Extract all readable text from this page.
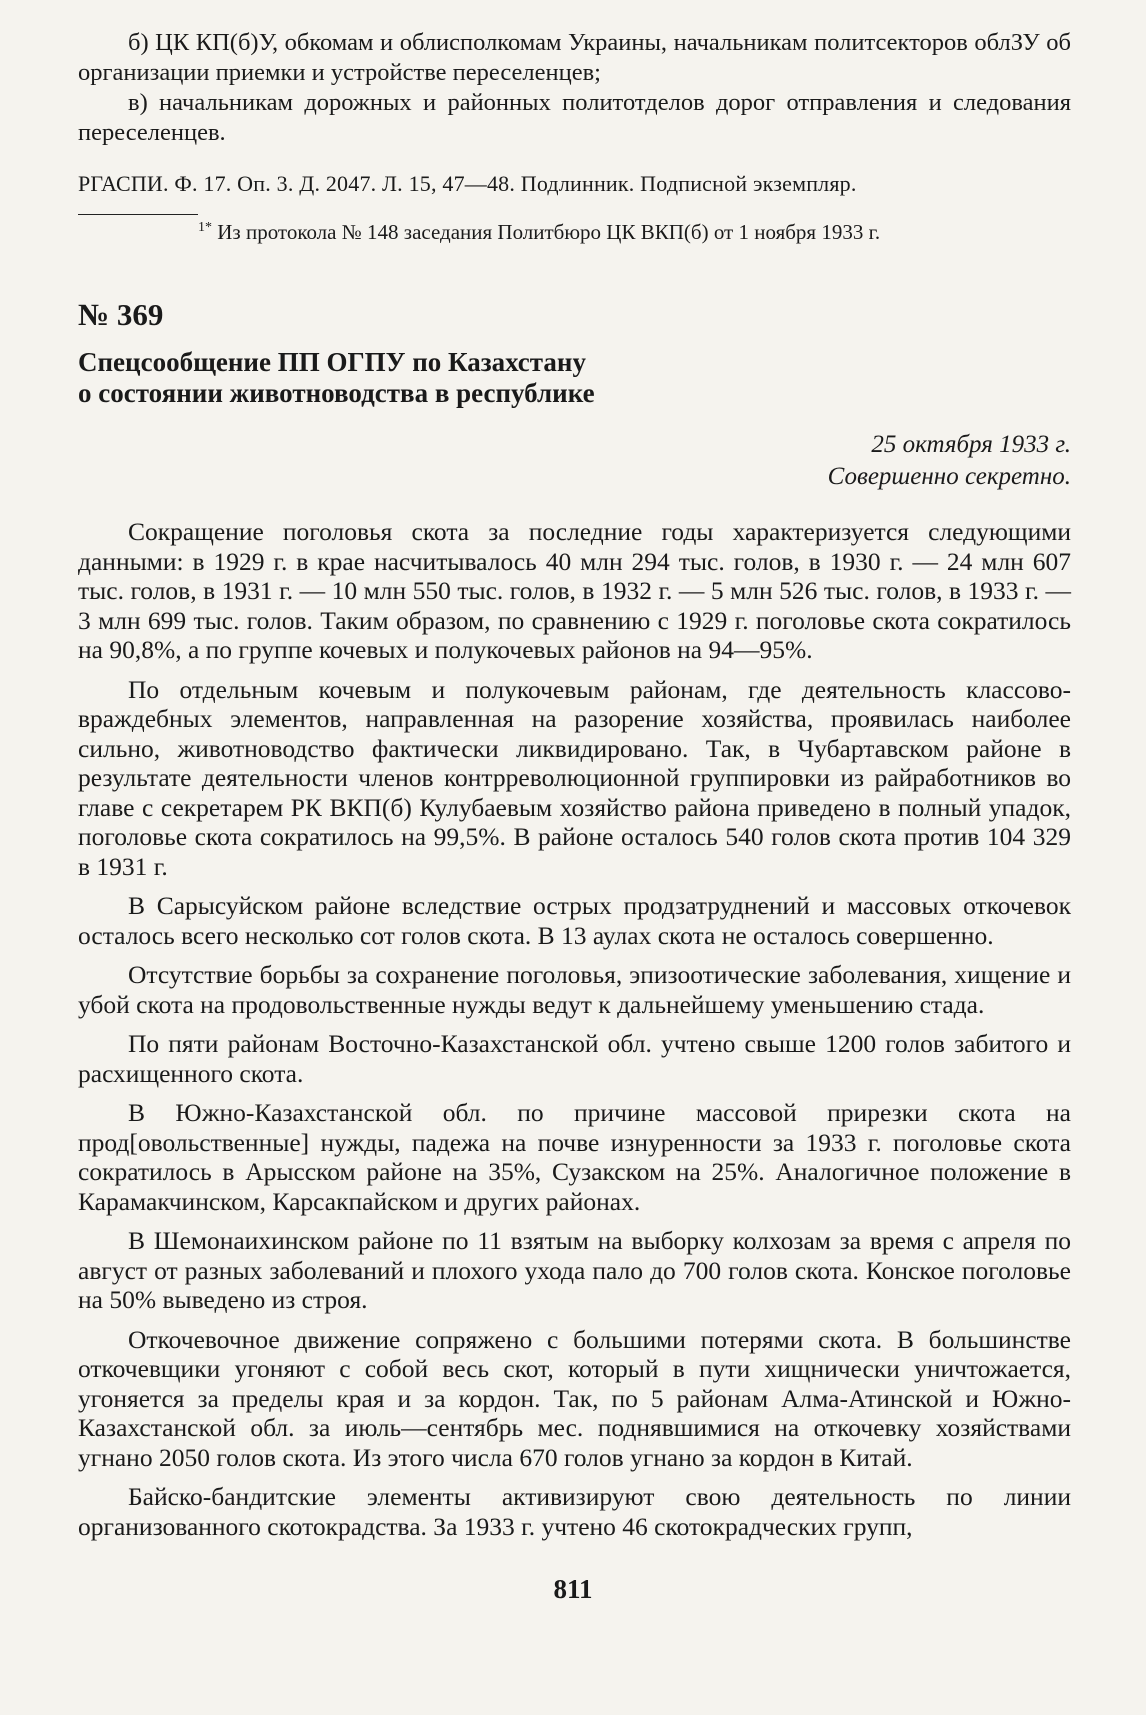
б) ЦК КП(б)У, обкомам и облисполкомам Украины, начальникам политсекторов облЗУ об организации приемки и устройстве переселенцев;

в) начальникам дорожных и районных политотделов дорог отправления и следования переселенцев.

РГАСПИ. Ф. 17. Оп. 3. Д. 2047. Л. 15, 47—48. Подлинник. Подписной экземпляр.

$^{1*}$ Из протокола № 148 заседания Политбюро ЦК ВКП(б) от 1 ноября 1933 г.

№ 369
Спецсообщение ПП ОГПУ по Казахстану
о состоянии животноводства в республике
25 октября 1933 г.
Совершенно секретно.

Сокращение поголовья скота за последние годы характеризуется следующими данными: в 1929 г. в крае насчитывалось 40 млн 294 тыс. голов, в 1930 г. — 24 млн 607 тыс. голов, в 1931 г. — 10 млн 550 тыс. голов, в 1932 г. — 5 млн 526 тыс. голов, в 1933 г. — 3 млн 699 тыс. голов. Таким образом, по сравнению с 1929 г. поголовье скота сократилось на 90,8%, а по группе кочевых и полукочевых районов на 94—95%.

По отдельным кочевым и полукочевым районам, где деятельность классово-враждебных элементов, направленная на разорение хозяйства, проявилась наиболее сильно, животноводство фактически ликвидировано. Так, в Чубартавском районе в результате деятельности членов контрреволюционной группировки из райработников во главе с секретарем РК ВКП(б) Кулубаевым хозяйство района приведено в полный упадок, поголовье скота сократилось на 99,5%. В районе осталось 540 голов скота против 104 329 в 1931 г.

В Сарысуйском районе вследствие острых продзатруднений и массовых откочевок осталось всего несколько сот голов скота. В 13 аулах скота не осталось совершенно.

Отсутствие борьбы за сохранение поголовья, эпизоотические заболевания, хищение и убой скота на продовольственные нужды ведут к дальнейшему уменьшению стада.

По пяти районам Восточно-Казахстанской обл. учтено свыше 1200 голов забитого и расхищенного скота.

В Южно-Казахстанской обл. по причине массовой прирезки скота на прод[овольственные] нужды, падежа на почве изнуренности за 1933 г. поголовье скота сократилось в Арысском районе на 35%, Сузакском на 25%. Аналогичное положение в Карамакчинском, Карсакпайском и других районах.

В Шемонаихинском районе по 11 взятым на выборку колхозам за время с апреля по август от разных заболеваний и плохого ухода пало до 700 голов скота. Конское поголовье на 50% выведено из строя.

Откочевочное движение сопряжено с большими потерями скота. В большинстве откочевщики угоняют с собой весь скот, который в пути хищнически уничтожается, угоняется за пределы края и за кордон. Так, по 5 районам Алма-Атинской и Южно-Казахстанской обл. за июль—сентябрь мес. поднявшимися на откочевку хозяйствами угнано 2050 голов скота. Из этого числа 670 голов угнано за кордон в Китай.

Байско-бандитские элементы активизируют свою деятельность по линии организованного скотокрадства. За 1933 г. учтено 46 скотокрадческих групп,

811
